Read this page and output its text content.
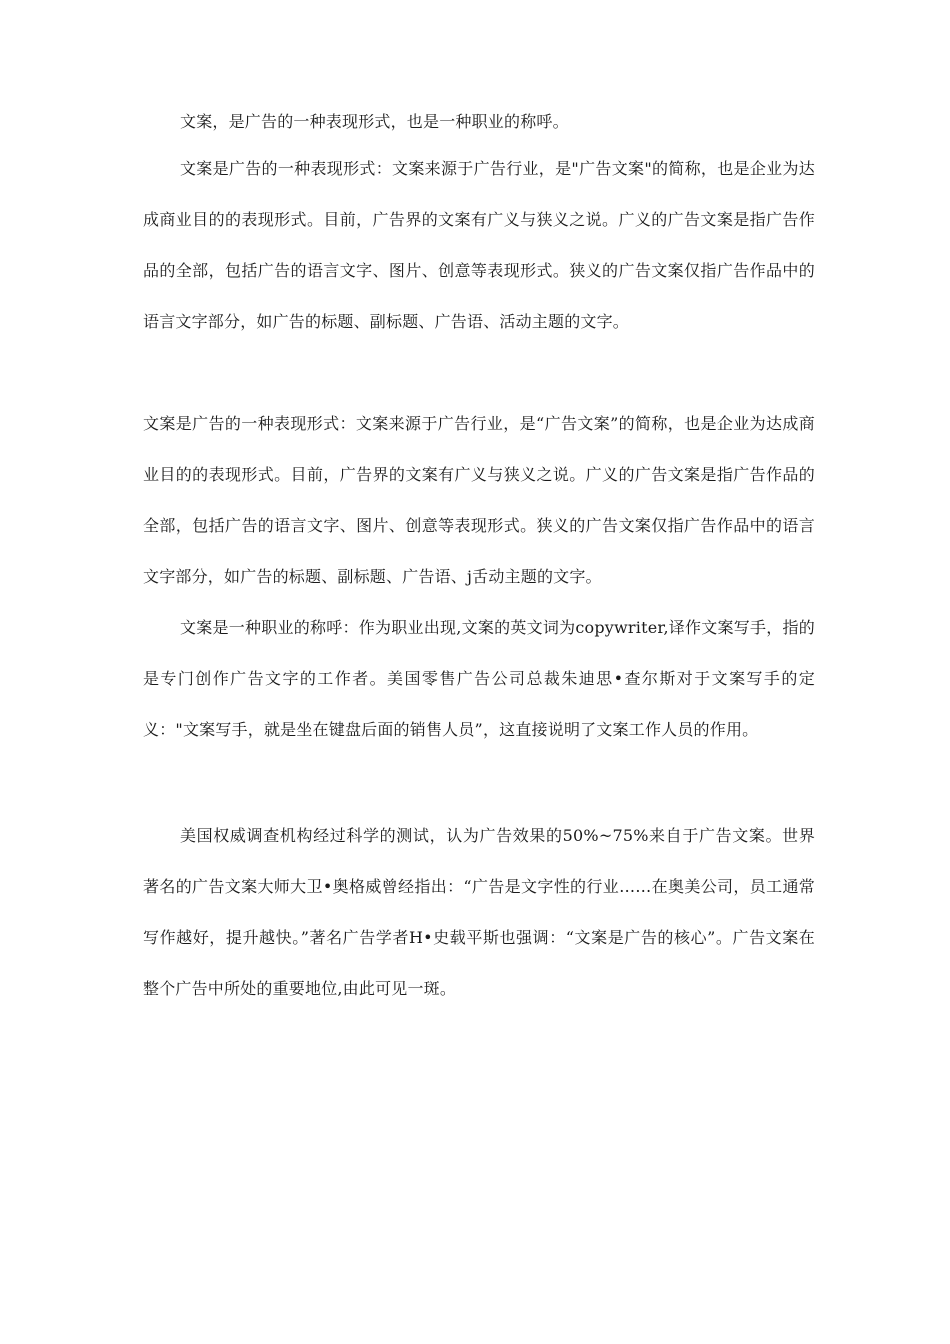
文案，是广告的一种表现形式，也是一种职业的称呼。

文案是广告的一种表现形式：文案来源于广告行业，是"广告文案"的简称，也是企业为达成商业目的的表现形式。目前，广告界的文案有广义与狭义之说。广义的广告文案是指广告作品的全部，包括广告的语言文字、图片、创意等表现形式。狭义的广告文案仅指广告作品中的语言文字部分，如广告的标题、副标题、广告语、活动主题的文字。

文案是广告的一种表现形式：文案来源于广告行业，是“广告文案”的简称，也是企业为达成商业目的的表现形式。目前，广告界的文案有广义与狭义之说。广义的广告文案是指广告作品的全部，包括广告的语言文字、图片、创意等表现形式。狭义的广告文案仅指广告作品中的语言文字部分，如广告的标题、副标题、广告语、j舌动主题的文字。

文案是一种职业的称呼：作为职业出现,文案的英文词为copywriter,译作文案写手，指的是专门创作广告文字的工作者。美国零售广告公司总裁朱迪思•查尔斯对于文案写手的定义："文案写手，就是坐在键盘后面的销售人员”，这直接说明了文案工作人员的作用。

美国权威调查机构经过科学的测试，认为广告效果的50%~75%来自于广告文案。世界著名的广告文案大师大卫•奥格威曾经指出：“广告是文字性的行业……在奥美公司，员工通常写作越好，提升越快。”著名广告学者H•史载平斯也强调：“文案是广告的核心”。广告文案在整个广告中所处的重要地位,由此可见一斑。
